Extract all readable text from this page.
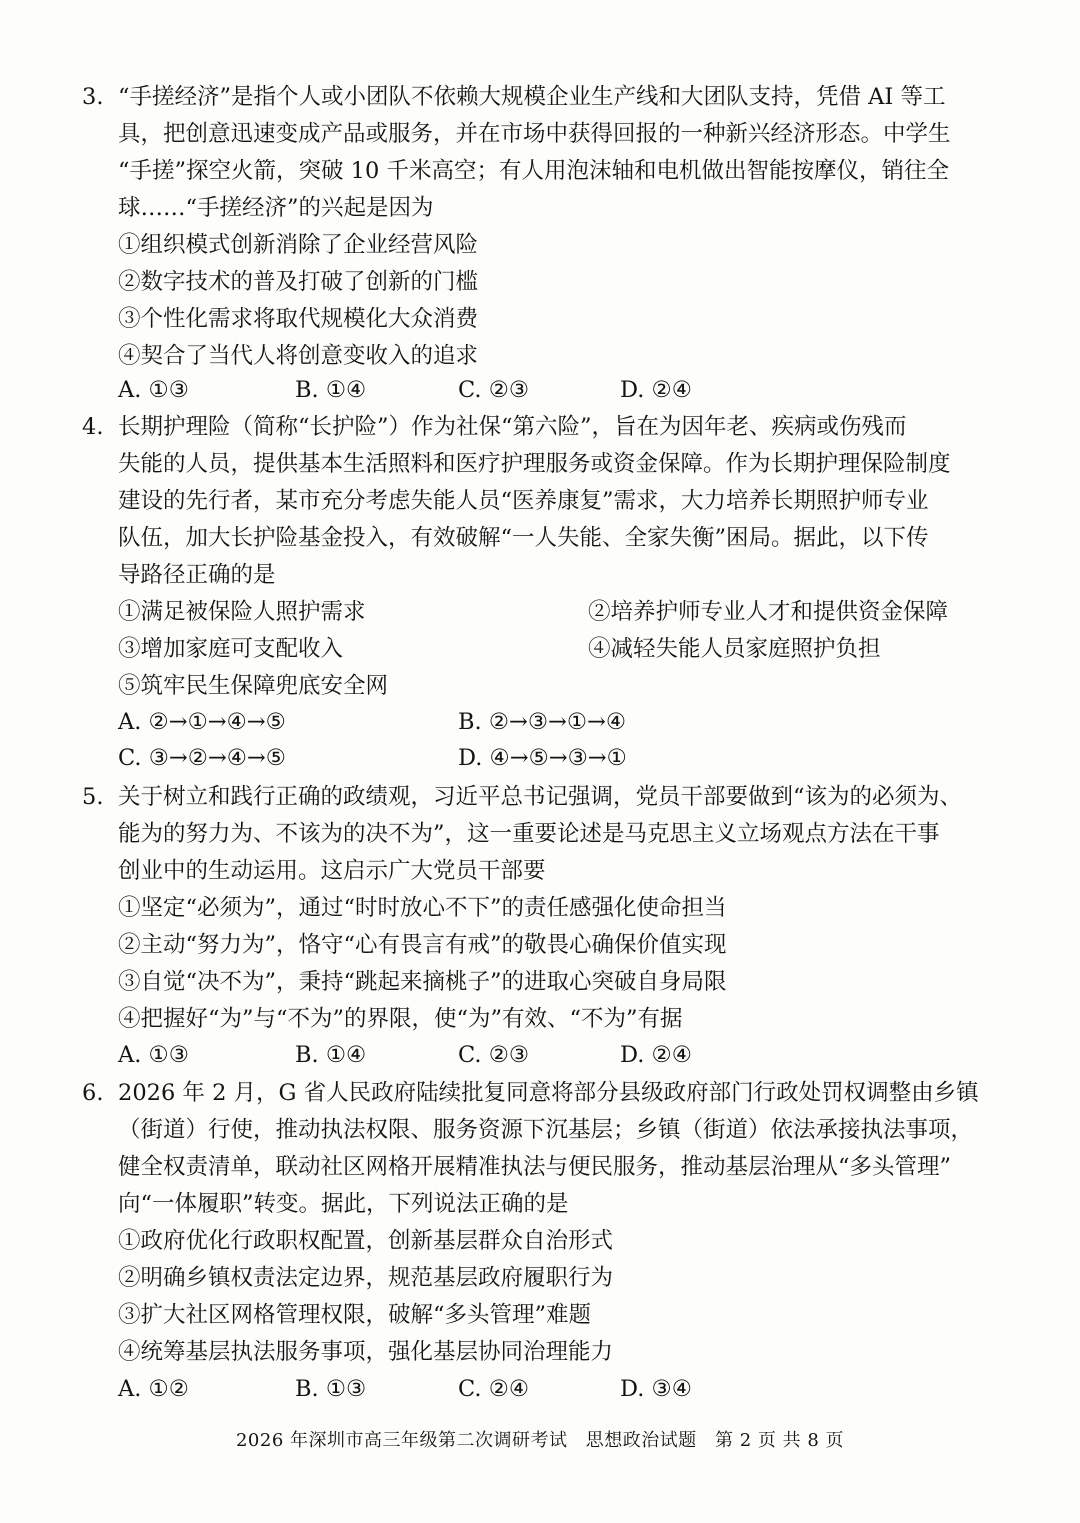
3. “手搓经济”是指个人或小团队不依赖大规模企业生产线和大团队支持，凭借 AI 等工
具，把创意迅速变成产品或服务，并在市场中获得回报的一种新兴经济形态。中学生
“手搓”探空火箭，突破 10 千米高空；有人用泡沫轴和电机做出智能按摩仪，销往全
球……“手搓经济”的兴起是因为
①组织模式创新消除了企业经营风险
②数字技术的普及打破了创新的门槛
③个性化需求将取代规模化大众消费
④契合了当代人将创意变收入的追求
A. ①③	B. ①④	C. ②③	D. ②④
4. 长期护理险（简称“长护险”）作为社保“第六险”，旨在为因年老、疾病或伤残而
失能的人员，提供基本生活照料和医疗护理服务或资金保障。作为长期护理保险制度
建设的先行者，某市充分考虑失能人员“医养康复”需求，大力培养长期照护师专业
队伍，加大长护险基金投入，有效破解“一人失能、全家失衡”困局。据此，以下传
导路径正确的是
①满足被保险人照护需求	②培养护师专业人才和提供资金保障
③增加家庭可支配收入	④减轻失能人员家庭照护负担
⑤筑牢民生保障兜底安全网
A. ②→①→④→⑤	B. ②→③→①→④
C. ③→②→④→⑤	D. ④→⑤→③→①
5. 关于树立和践行正确的政绩观，习近平总书记强调，党员干部要做到“该为的必须为、
能为的努力为、不该为的决不为”，这一重要论述是马克思主义立场观点方法在干事
创业中的生动运用。这启示广大党员干部要
①坚定“必须为”，通过“时时放心不下”的责任感强化使命担当
②主动“努力为”，恪守“心有畏言有戒”的敬畏心确保价值实现
③自觉“决不为”，秉持“跳起来摘桃子”的进取心突破自身局限
④把握好“为”与“不为”的界限，使“为”有效、“不为”有据
A. ①③	B. ①④	C. ②③	D. ②④
6. 2026 年 2 月，G 省人民政府陆续批复同意将部分县级政府部门行政处罚权调整由乡镇
（街道）行使，推动执法权限、服务资源下沉基层；乡镇（街道）依法承接执法事项，
健全权责清单，联动社区网格开展精准执法与便民服务，推动基层治理从“多头管理”
向“一体履职”转变。据此，下列说法正确的是
①政府优化行政职权配置，创新基层群众自治形式
②明确乡镇权责法定边界，规范基层政府履职行为
③扩大社区网格管理权限，破解“多头管理”难题
④统筹基层执法服务事项，强化基层协同治理能力
A. ①②	B. ①③	C. ②④	D. ③④
2026 年深圳市高三年级第二次调研考试 思想政治试题 第 2 页 共 8 页
